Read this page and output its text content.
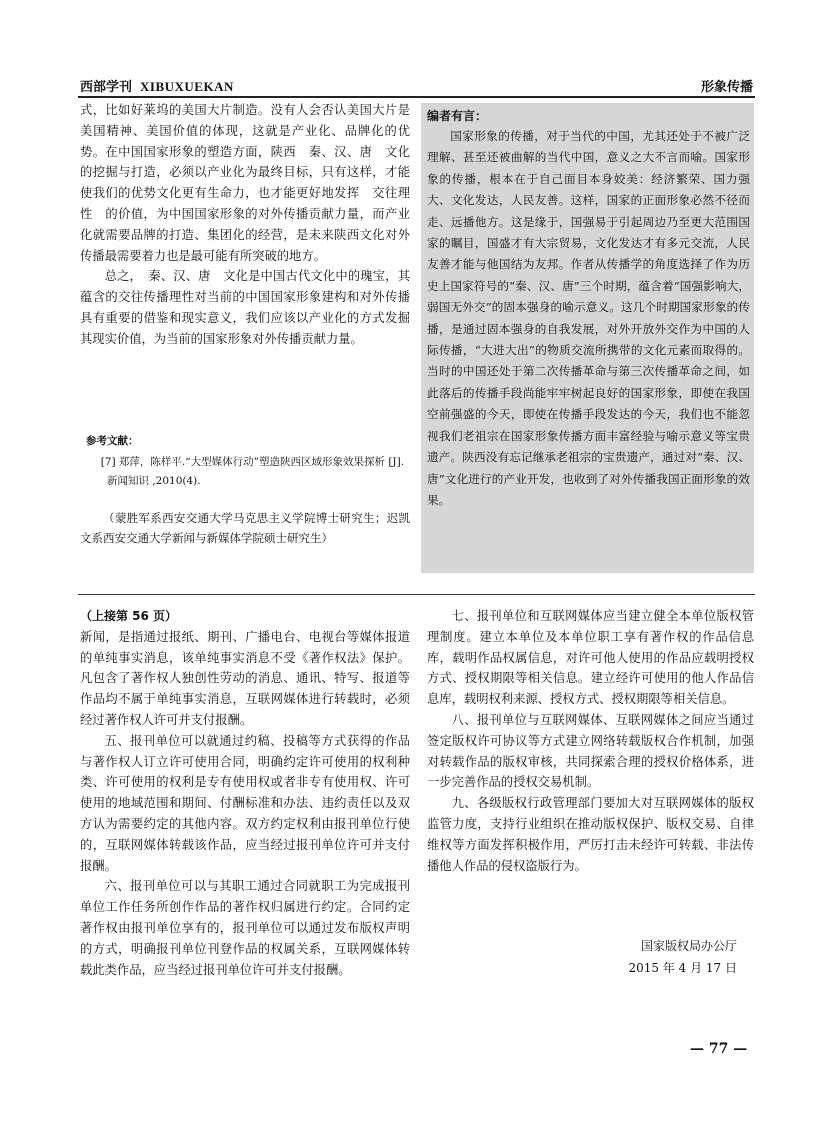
西部学刊 XIBUXUEKAN	形象传播

式，比如好莱坞的美国大片制造。没有人会否认美国大片是美国精神、美国价值的体现，这就是产业化、品牌化的优势。在中国国家形象的塑造方面，陕西　秦、汉、唐　文化的挖掘与打造，必须以产业化为最终目标，只有这样，才能使我们的优势文化更有生命力，也才能更好地发挥　交往理性　的价值，为中国国家形象的对外传播贡献力量，而产业化就需要品牌的打造、集团化的经营，是未来陕西文化对外传播最需要着力也是最可能有所突破的地方。

总之，　秦、汉、唐　文化是中国古代文化中的瑰宝，其蕴含的交往传播理性对当前的中国国家形象建构和对外传播具有重要的借鉴和现实意义，我们应该以产业化的方式发掘其现实价值，为当前的国家形象对外传播贡献力量。

编者有言：

国家形象的传播，对于当代的中国，尤其还处于不被广泛理解、甚至还被曲解的当代中国，意义之大不言而喻。国家形象的传播，根本在于自己面目本身姣美：经济繁荣、国力强大、文化发达，人民友善。这样，国家的正面形象必然不径而走、远播他方。这是缘于，国强易于引起周边乃至更大范围国家的瞩目，国盛才有大宗贸易，文化发达才有多元交流，人民友善才能与他国结为友邦。作者从传播学的角度选择了作为历史上国家符号的“秦、汉、唐”三个时期，蕴含着“国强影响大，弱国无外交”的固本强身的喻示意义。这几个时期国家形象的传播，是通过固本强身的自我发展，对外开放外交作为中国的人际传播，“大进大出”的物质交流所携带的文化元素而取得的。当时的中国还处于第二次传播革命与第三次传播革命之间，如此落后的传播手段尚能牢牢树起良好的国家形象，即使在我国空前强盛的今天，即使在传播手段发达的今天，我们也不能忽视我们老祖宗在国家形象传播方面丰富经验与喻示意义等宝贵遗产。陕西没有忘记继承老祖宗的宝贵遗产，通过对“秦、汉、唐”文化进行的产业开发，也收到了对外传播我国正面形象的效果。

参考文献：
[7] 郑萍，陈样平.“大型媒体行动”塑造陕西区域形象效果探析 [J]. 新闻知识 ,2010(4).

（蒙胜军系西安交通大学马克思主义学院博士研究生；迟凯文系西安交通大学新闻与新媒体学院硕士研究生）

（上接第 56 页）

新闻，是指通过报纸、期刊、广播电台、电视台等媒体报道的单纯事实消息，该单纯事实消息不受《著作权法》保护。凡包含了著作权人独创性劳动的消息、通讯、特写、报道等作品均不属于单纯事实消息，互联网媒体进行转载时，必须经过著作权人许可并支付报酬。

五、报刊单位可以就通过约稿、投稿等方式获得的作品与著作权人订立许可使用合同，明确约定许可使用的权利种类、许可使用的权利是专有使用权或者非专有使用权、许可使用的地域范围和期间、付酬标准和办法、违约责任以及双方认为需要约定的其他内容。双方约定权利由报刊单位行使的，互联网媒体转载该作品，应当经过报刊单位许可并支付报酬。

六、报刊单位可以与其职工通过合同就职工为完成报刊单位工作任务所创作作品的著作权归属进行约定。合同约定著作权由报刊单位享有的，报刊单位可以通过发布版权声明的方式，明确报刊单位刊登作品的权属关系，互联网媒体转载此类作品，应当经过报刊单位许可并支付报酬。

七、报刊单位和互联网媒体应当建立健全本单位版权管理制度。建立本单位及本单位职工享有著作权的作品信息库，载明作品权属信息，对许可他人使用的作品应载明授权方式、授权期限等相关信息。建立经许可使用的他人作品信息库，载明权利来源、授权方式、授权期限等相关信息。

八、报刊单位与互联网媒体、互联网媒体之间应当通过签定版权许可协议等方式建立网络转载版权合作机制，加强对转载作品的版权审核，共同探索合理的授权价格体系，进一步完善作品的授权交易机制。

九、各级版权行政管理部门要加大对互联网媒体的版权监管力度，支持行业组织在推动版权保护、版权交易、自律维权等方面发挥积极作用，严厉打击未经许可转载、非法传播他人作品的侵权盗版行为。

国家版权局办公厅
2015 年 4 月 17 日
— 77 —
